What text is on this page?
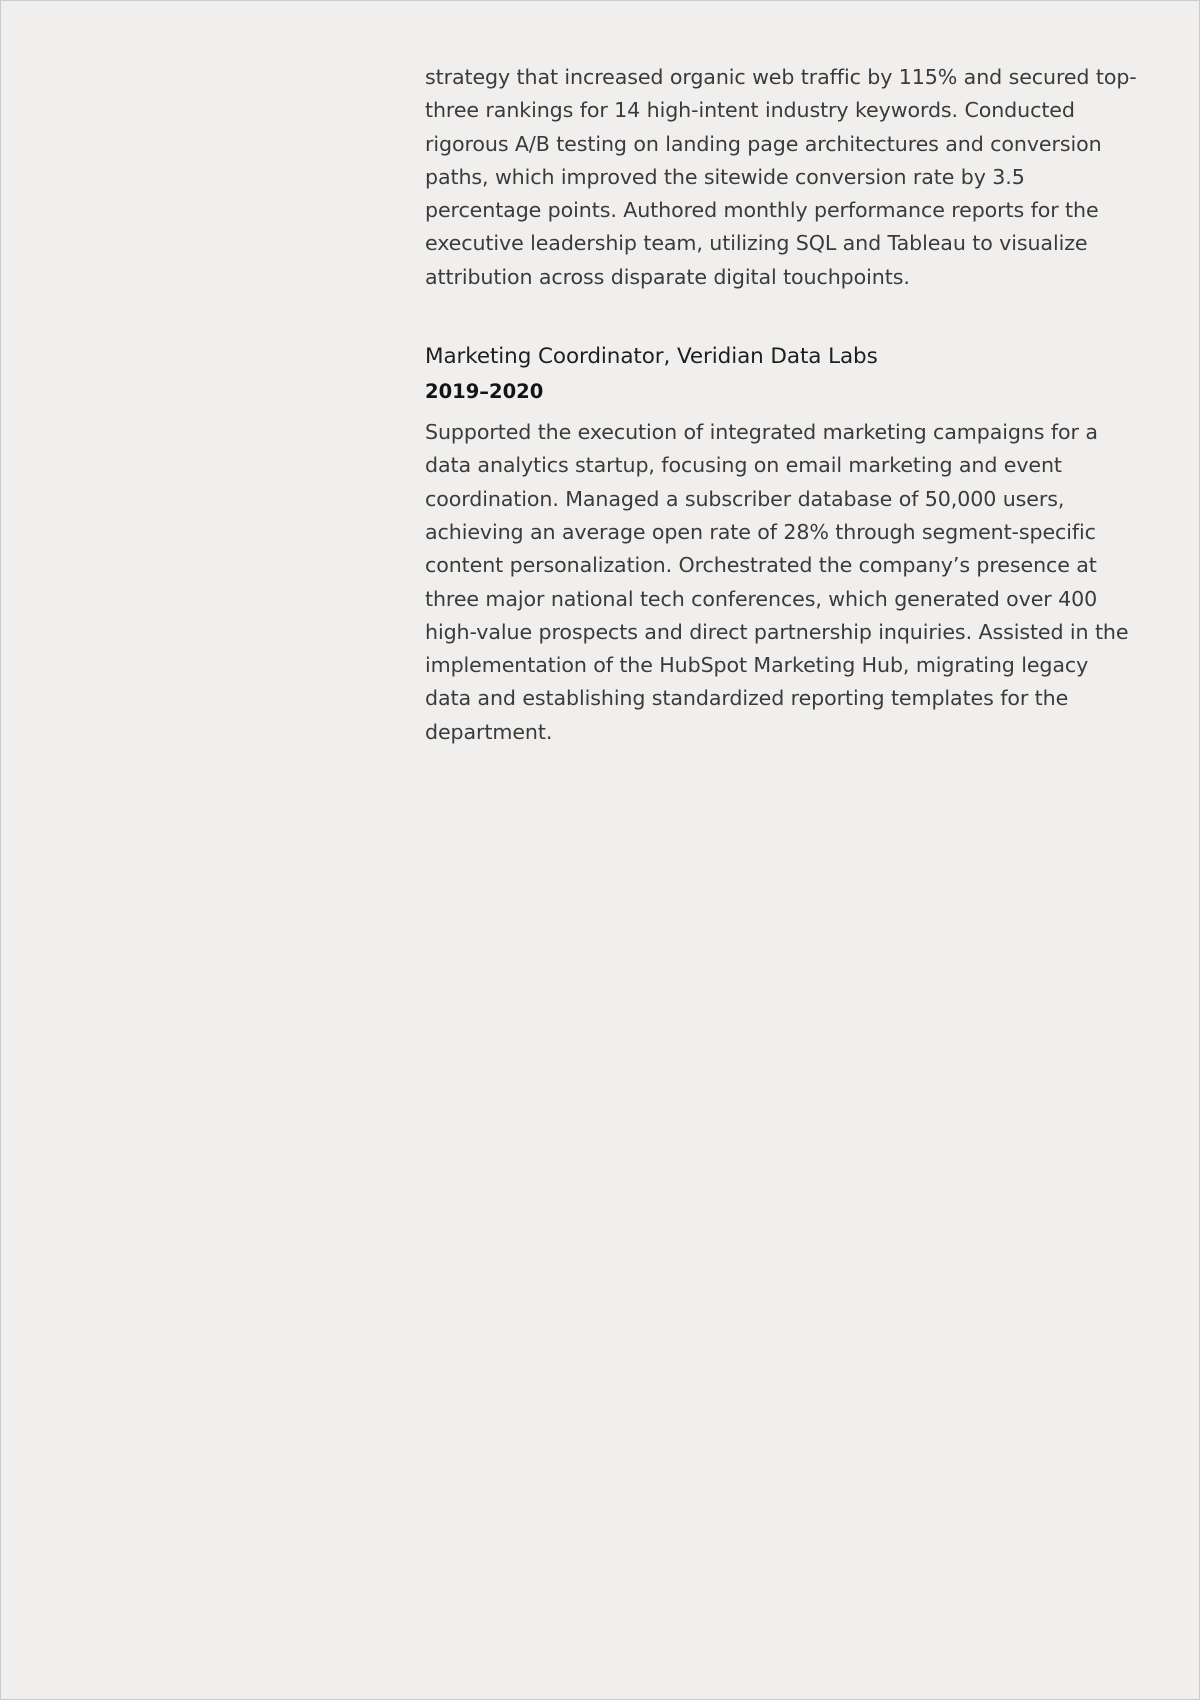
strategy that increased organic web traffic by 115% and secured top-three rankings for 14 high-intent industry keywords. Conducted rigorous A/B testing on landing page architectures and conversion paths, which improved the sitewide conversion rate by 3.5 percentage points. Authored monthly performance reports for the executive leadership team, utilizing SQL and Tableau to visualize attribution across disparate digital touchpoints.

Marketing Coordinator, Veridian Data Labs
2019–2020

Supported the execution of integrated marketing campaigns for a data analytics startup, focusing on email marketing and event coordination. Managed a subscriber database of 50,000 users, achieving an average open rate of 28% through segment-specific content personalization. Orchestrated the company’s presence at three major national tech conferences, which generated over 400 high-value prospects and direct partnership inquiries. Assisted in the implementation of the HubSpot Marketing Hub, migrating legacy data and establishing standardized reporting templates for the department.
